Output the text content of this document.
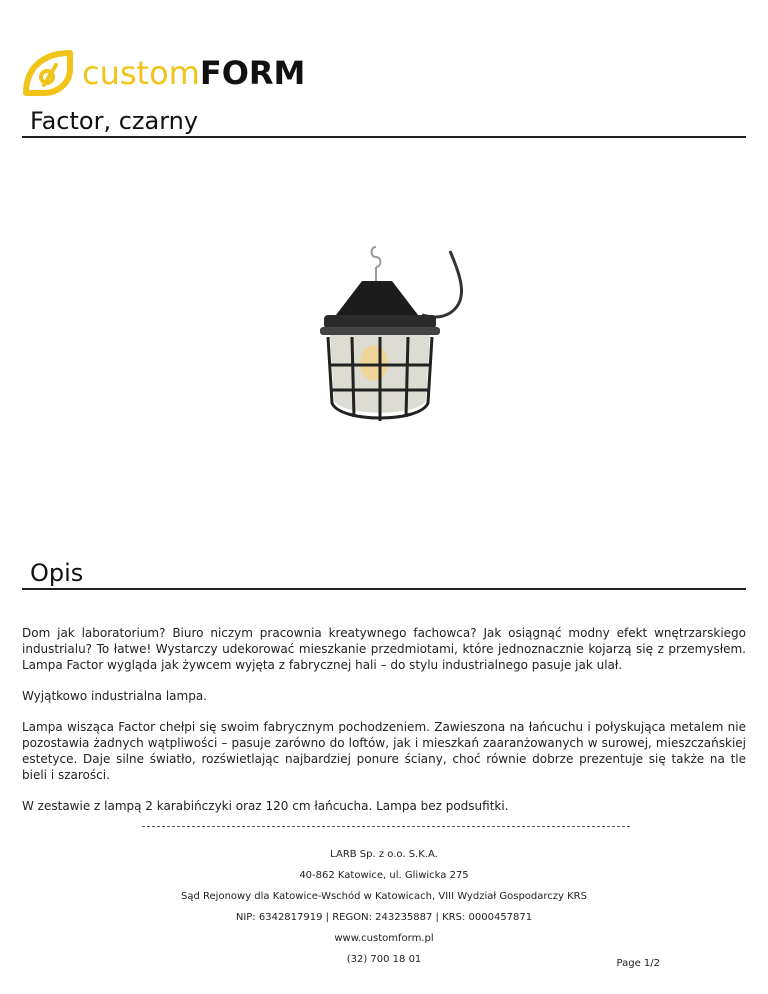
customFORM
Factor, czarny
Opis

Dom jak laboratorium? Biuro niczym pracownia kreatywnego fachowca? Jak osiągnąć modny efekt wnętrzarskiego industrialu? To łatwe! Wystarczy udekorować mieszkanie przedmiotami, które jednoznacznie kojarzą się z przemysłem. Lampa Factor wygląda jak żywcem wyjęta z fabrycznej hali – do stylu industrialnego pasuje jak ulał.

Wyjątkowo industrialna lampa.

Lampa wisząca Factor chełpi się swoim fabrycznym pochodzeniem. Zawieszona na łańcuchu i połyskująca metalem nie pozostawia żadnych wątpliwości – pasuje zarówno do loftów, jak i mieszkań zaaranżowanych w surowej, mieszczańskiej estetyce. Daje silne światło, rozświetlając najbardziej ponure ściany, choć równie dobrze prezentuje się także na tle bieli i szarości.

W zestawie z lampą 2 karabińczyki oraz 120 cm łańcucha. Lampa bez podsufitki.

LARB Sp. z o.o. S.K.A.
40-862 Katowice, ul. Gliwicka 275
Sąd Rejonowy dla Katowice-Wschód w Katowicach, VIII Wydział Gospodarczy KRS
NIP: 6342817919 | REGON: 243235887 | KRS: 0000457871
www.customform.pl
(32) 700 18 01	Page 1/2
